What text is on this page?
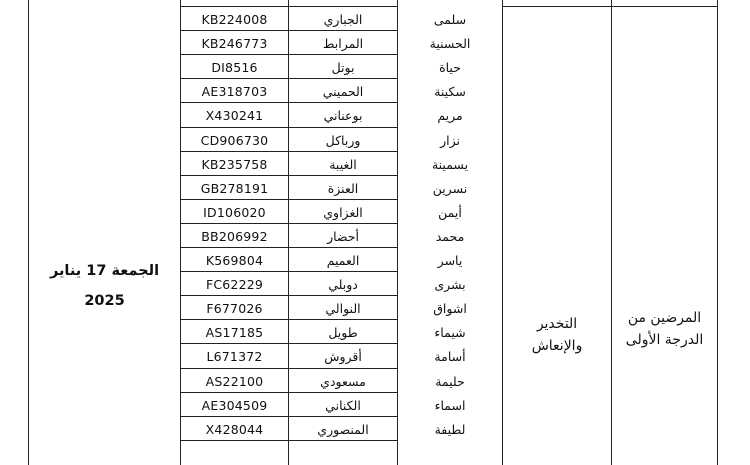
الجمعة 17 يناير
2025
التخدير
والإنعاش
المرضين من
الدرجة الأولى
KB224008	الجباري	سلمى
KB246773	المرابط	الحسنية
DI8516	بوتل	حياة
AE318703	الحميني	سكينة
X430241	بوعناني	مريم
CD906730	ورباكل	نزار
KB235758	الغيبة	يسمينة
GB278191	العنزة	نسرين
ID106020	الغزاوي	أيمن
BB206992	أحضار	محمد
K569804	العميم	ياسر
FC62229	دوبلي	بشرى
F677026	النوالي	اشواق
AS17185	طويل	شيماء
L671372	أقروش	أسامة
AS22100	مسعودي	حليمة
AE304509	الكناني	اسماء
X428044	المنصوري	لطيفة
